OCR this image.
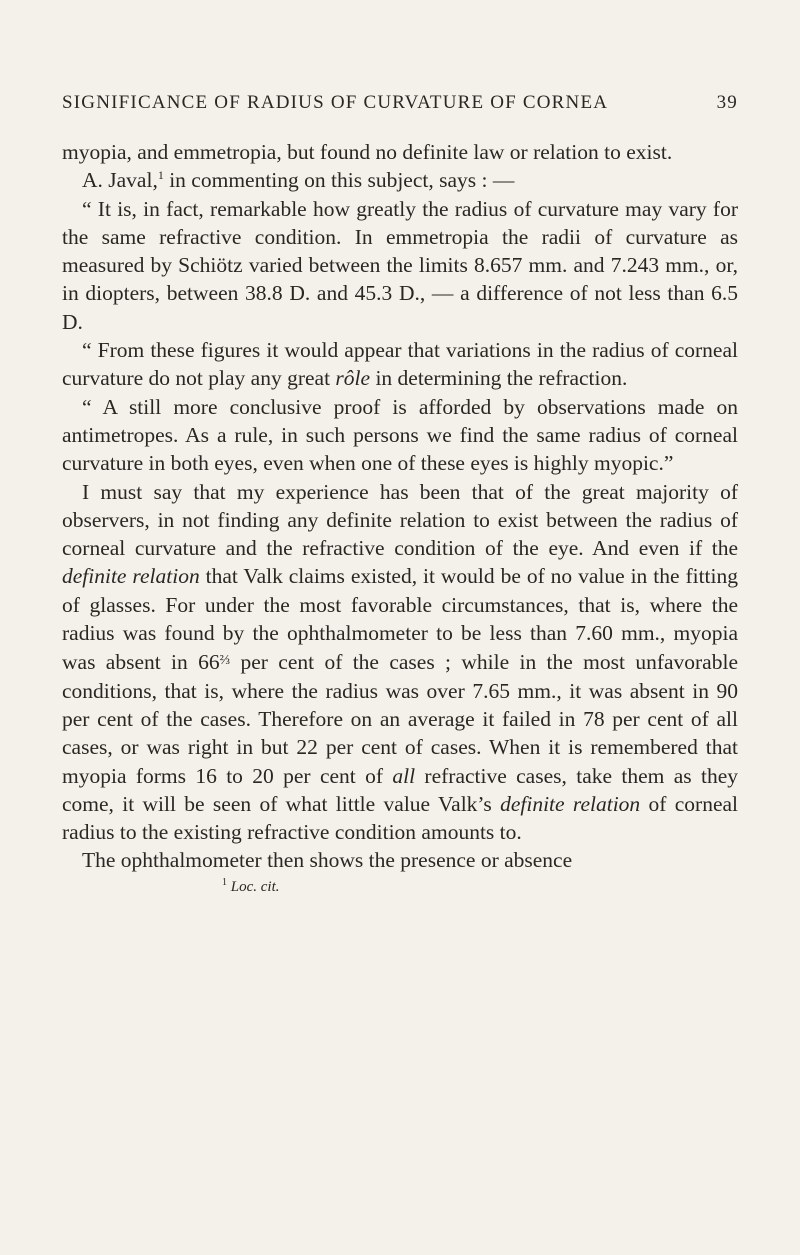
SIGNIFICANCE OF RADIUS OF CURVATURE OF CORNEA	39

myopia, and emmetropia, but found no definite law or relation to exist.

A. Javal,$^1$ in commenting on this subject, says : —

“ It is, in fact, remarkable how greatly the radius of curvature may vary for the same refractive condition. In emmetropia the radii of curvature as measured by Schiötz varied between the limits 8.657 mm. and 7.243 mm., or, in diopters, between 38.8 D. and 45.3 D., — a difference of not less than 6.5 D.

“ From these figures it would appear that variations in the radius of corneal curvature do not play any great rôle in determining the refraction.

“ A still more conclusive proof is afforded by observations made on antimetropes. As a rule, in such persons we find the same radius of corneal curvature in both eyes, even when one of these eyes is highly myopic.”

I must say that my experience has been that of the great majority of observers, in not finding any definite relation to exist between the radius of corneal curvature and the refractive condition of the eye. And even if the definite relation that Valk claims existed, it would be of no value in the fitting of glasses. For under the most favorable circumstances, that is, where the radius was found by the ophthalmometer to be less than 7.60 mm., myopia was absent in $66^{\frac{2}{3}}$ per cent of the cases ; while in the most unfavorable conditions, that is, where the radius was over 7.65 mm., it was absent in 90 per cent of the cases. Therefore on an average it failed in 78 per cent of all cases, or was right in but 22 per cent of cases. When it is remembered that myopia forms 16 to 20 per cent of all refractive cases, take them as they come, it will be seen of what little value Valk’s definite relation of corneal radius to the existing refractive condition amounts to.

The ophthalmometer then shows the presence or absence

$^1$ Loc. cit.
